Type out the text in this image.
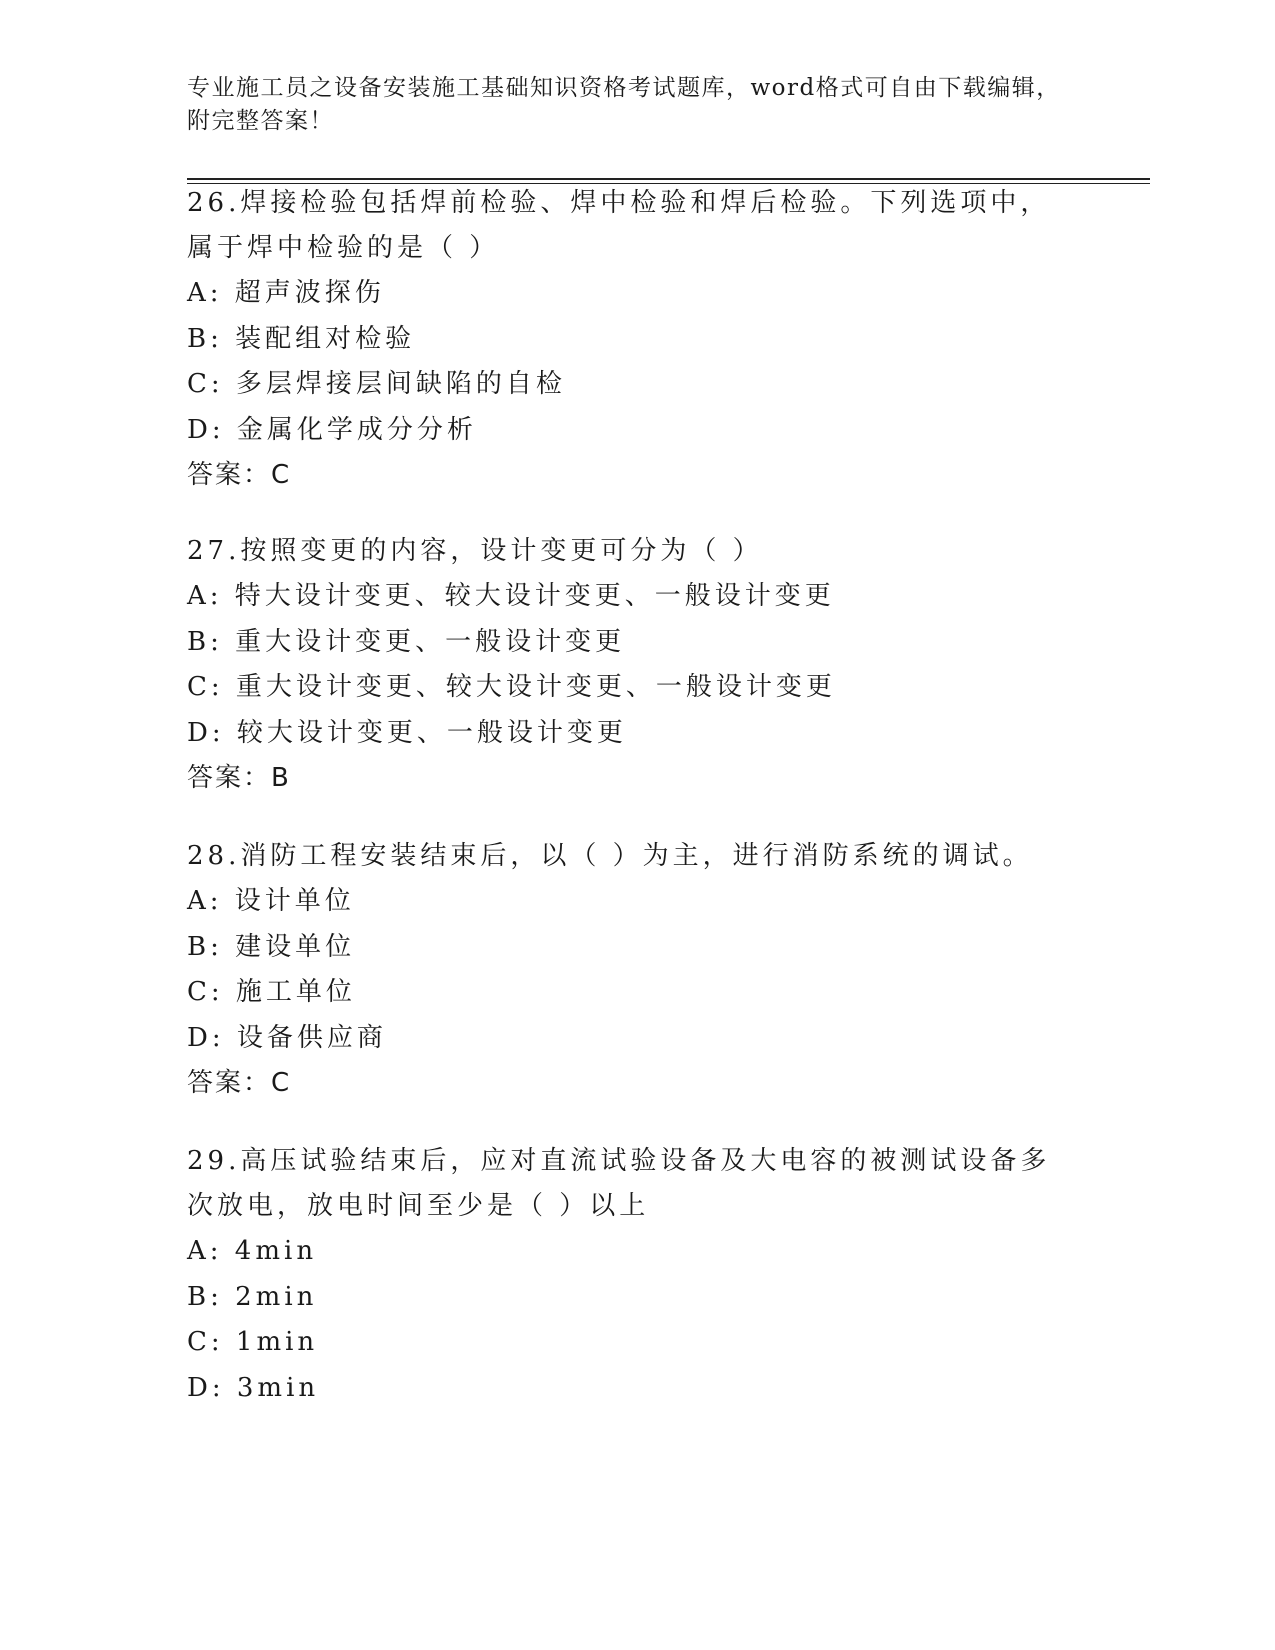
专业施工员之设备安装施工基础知识资格考试题库，word格式可自由下载编辑，
附完整答案！

26.焊接检验包括焊前检验、焊中检验和焊后检验。下列选项中，属于焊中检验的是（ ）

A: 超声波探伤

B: 装配组对检验

C: 多层焊接层间缺陷的自检

D: 金属化学成分分析

答案：C

27.按照变更的内容，设计变更可分为（ ）

A: 特大设计变更、较大设计变更、一般设计变更

B: 重大设计变更、一般设计变更

C: 重大设计变更、较大设计变更、一般设计变更

D: 较大设计变更、一般设计变更

答案：B

28.消防工程安装结束后，以（ ）为主，进行消防系统的调试。

A: 设计单位

B: 建设单位

C: 施工单位

D: 设备供应商

答案：C

29.高压试验结束后，应对直流试验设备及大电容的被测试设备多次放电，放电时间至少是（ ）以上

A: 4min

B: 2min

C: 1min

D: 3min
